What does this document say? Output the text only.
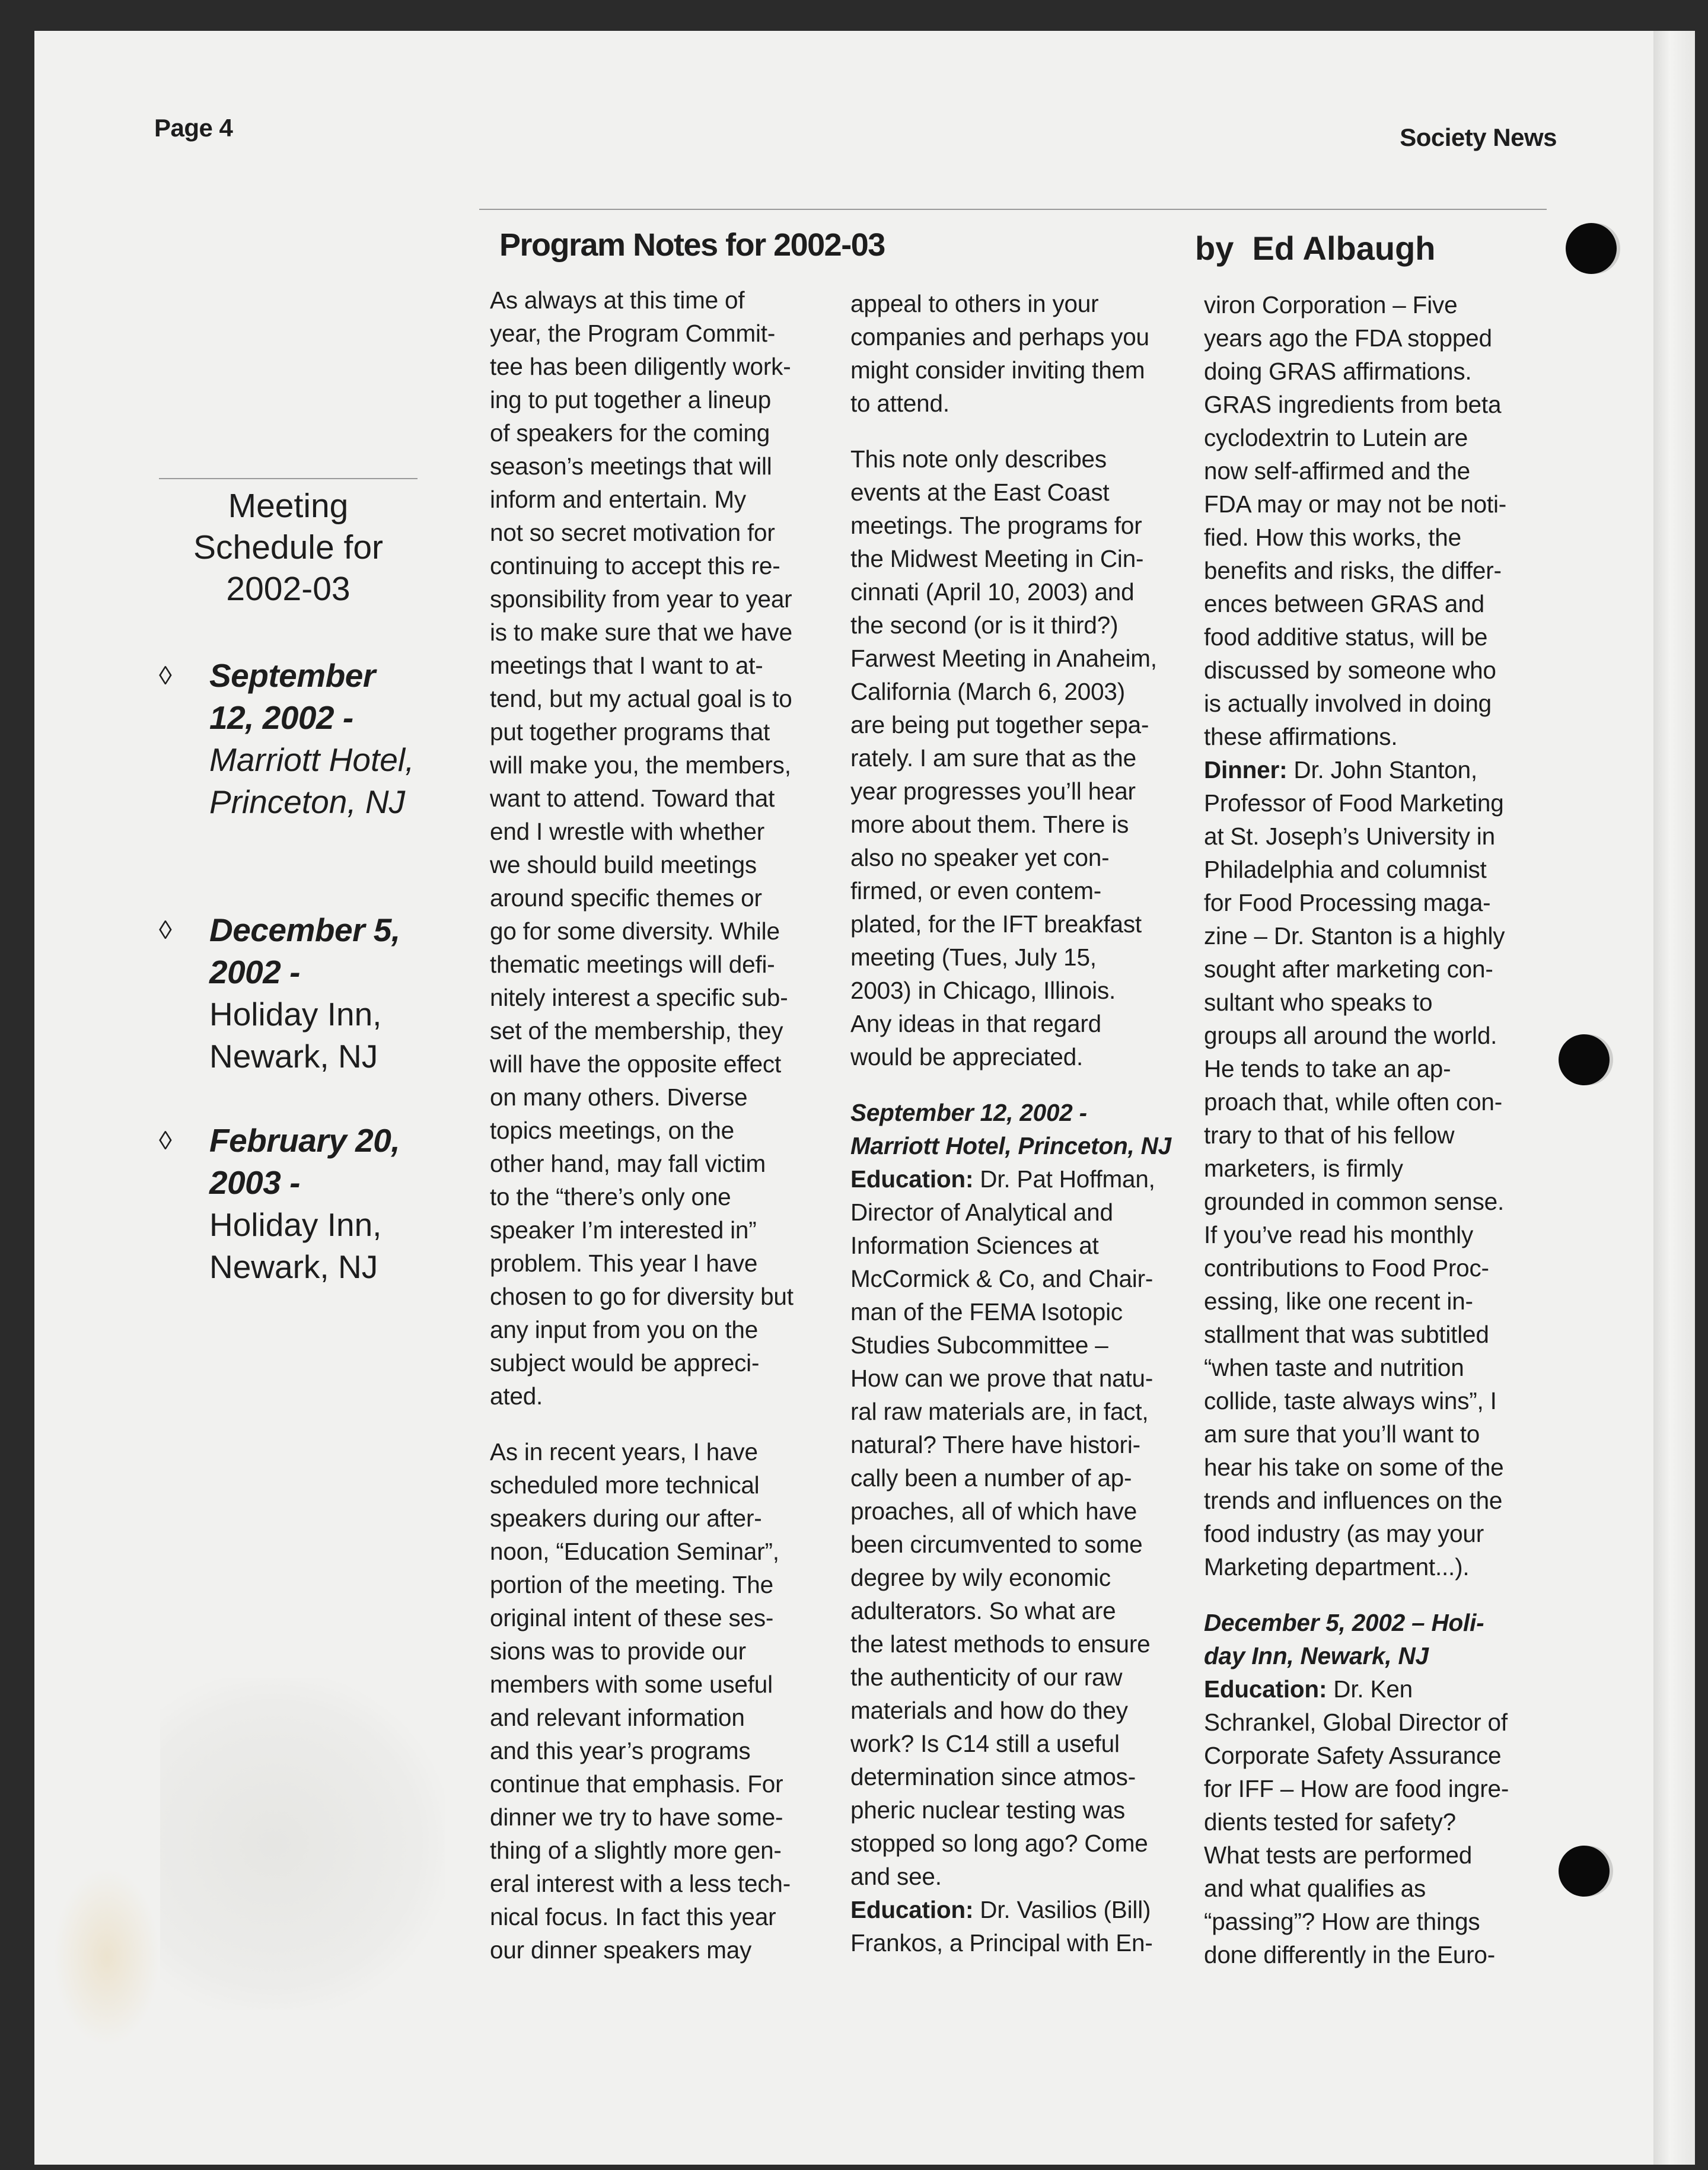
Page 4	Society News
Program Notes for 2002-03	by  Ed Albaugh
Meeting
Schedule for
2002-03
◊ September 12, 2002 -
Marriott Hotel, Princeton, NJ
◊ December 5, 2002 -
Holiday Inn, Newark, NJ
◊ February 20, 2003 -
Holiday Inn, Newark, NJ

As always at this time of
year, the Program Commit-
tee has been diligently work-
ing to put together a lineup
of speakers for the coming
season’s meetings that will
inform and entertain. My
not so secret motivation for
continuing to accept this re-
sponsibility from year to year
is to make sure that we have
meetings that I want to at-
tend, but my actual goal is to
put together programs that
will make you, the members,
want to attend. Toward that
end I wrestle with whether
we should build meetings
around specific themes or
go for some diversity. While
thematic meetings will defi-
nitely interest a specific sub-
set of the membership, they
will have the opposite effect
on many others. Diverse
topics meetings, on the
other hand, may fall victim
to the “there’s only one
speaker I’m interested in”
problem. This year I have
chosen to go for diversity but
any input from you on the
subject would be appreci-
ated.

As in recent years, I have
scheduled more technical
speakers during our after-
noon, “Education Seminar”,
portion of the meeting. The
original intent of these ses-
sions was to provide our
members with some useful
and relevant information
and this year’s programs
continue that emphasis. For
dinner we try to have some-
thing of a slightly more gen-
eral interest with a less tech-
nical focus. In fact this year
our dinner speakers may

appeal to others in your
companies and perhaps you
might consider inviting them
to attend.

This note only describes
events at the East Coast
meetings. The programs for
the Midwest Meeting in Cin-
cinnati (April 10, 2003) and
the second (or is it third?)
Farwest Meeting in Anaheim,
California (March 6, 2003)
are being put together sepa-
rately. I am sure that as the
year progresses you’ll hear
more about them. There is
also no speaker yet con-
firmed, or even contem-
plated, for the IFT breakfast
meeting (Tues, July 15,
2003) in Chicago, Illinois.
Any ideas in that regard
would be appreciated.

September 12, 2002 -
Marriott Hotel, Princeton, NJ

Education: Dr. Pat Hoffman,
Director of Analytical and
Information Sciences at
McCormick & Co, and Chair-
man of the FEMA Isotopic
Studies Subcommittee –
How can we prove that natu-
ral raw materials are, in fact,
natural? There have histori-
cally been a number of ap-
proaches, all of which have
been circumvented to some
degree by wily economic
adulterators. So what are
the latest methods to ensure
the authenticity of our raw
materials and how do they
work? Is C14 still a useful
determination since atmos-
pheric nuclear testing was
stopped so long ago? Come
and see.

Education: Dr. Vasilios (Bill)
Frankos, a Principal with En-

viron Corporation – Five
years ago the FDA stopped
doing GRAS affirmations.
GRAS ingredients from beta
cyclodextrin to Lutein are
now self-affirmed and the
FDA may or may not be noti-
fied. How this works, the
benefits and risks, the differ-
ences between GRAS and
food additive status, will be
discussed by someone who
is actually involved in doing
these affirmations.

Dinner: Dr. John Stanton,
Professor of Food Marketing
at St. Joseph’s University in
Philadelphia and columnist
for Food Processing maga-
zine – Dr. Stanton is a highly
sought after marketing con-
sultant who speaks to
groups all around the world.
He tends to take an ap-
proach that, while often con-
trary to that of his fellow
marketers, is firmly
grounded in common sense.
If you’ve read his monthly
contributions to Food Proc-
essing, like one recent in-
stallment that was subtitled
“when taste and nutrition
collide, taste always wins”, I
am sure that you’ll want to
hear his take on some of the
trends and influences on the
food industry (as may your
Marketing department...).

December 5, 2002 – Holi-
day Inn, Newark, NJ

Education: Dr. Ken
Schrankel, Global Director of
Corporate Safety Assurance
for IFF – How are food ingre-
dients tested for safety?
What tests are performed
and what qualifies as
“passing”? How are things
done differently in the Euro-
